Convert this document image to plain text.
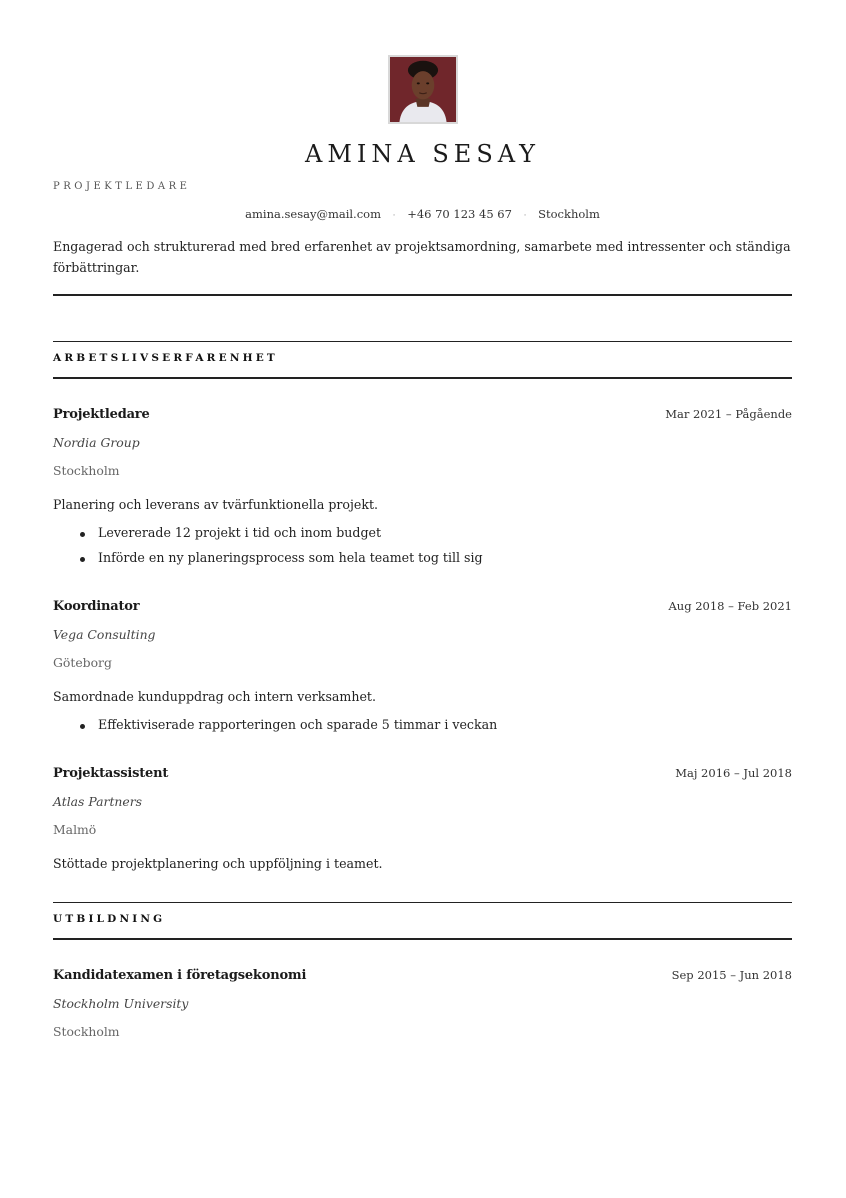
AMINA SESAY
PROJEKTLEDARE
amina.sesay@mail.com · +46 70 123 45 67 · Stockholm

Engagerad och strukturerad med bred erfarenhet av projektsamordning, samarbete med intressenter och ständiga förbättringar.

ARBETSLIVSERFARENHET
Projektledare	Mar 2021 – Pågående
Nordia Group
Stockholm
Planering och leverans av tvärfunktionella projekt.
Levererade 12 projekt i tid och inom budget
Införde en ny planeringsprocess som hela teamet tog till sig
Koordinator	Aug 2018 – Feb 2021
Vega Consulting
Göteborg
Samordnade kunduppdrag och intern verksamhet.
Effektiviserade rapporteringen och sparade 5 timmar i veckan
Projektassistent	Maj 2016 – Jul 2018
Atlas Partners
Malmö
Stöttade projektplanering och uppföljning i teamet.
UTBILDNING
Kandidatexamen i företagsekonomi	Sep 2015 – Jun 2018
Stockholm University
Stockholm
